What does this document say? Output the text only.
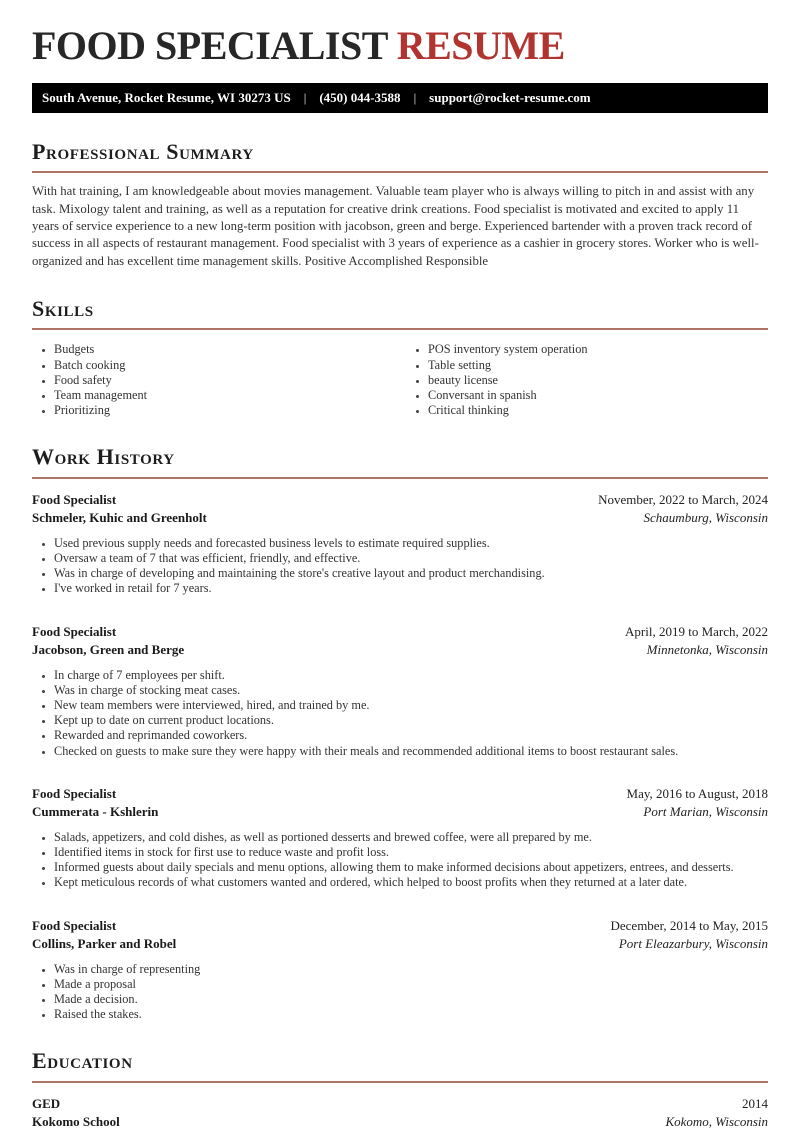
FOOD SPECIALIST RESUME
South Avenue, Rocket Resume, WI 30273 US | (450) 044-3588 | support@rocket-resume.com
Professional Summary

With hat training, I am knowledgeable about movies management. Valuable team player who is always willing to pitch in and assist with any task. Mixology talent and training, as well as a reputation for creative drink creations. Food specialist is motivated and excited to apply 11 years of service experience to a new long-term position with jacobson, green and berge. Experienced bartender with a proven track record of success in all aspects of restaurant management. Food specialist with 3 years of experience as a cashier in grocery stores. Worker who is well-organized and has excellent time management skills. Positive Accomplished Responsible

Skills
• Budgets
• Batch cooking
• Food safety
• Team management
• Prioritizing
• POS inventory system operation
• Table setting
• beauty license
• Conversant in spanish
• Critical thinking
Work History
Food Specialist	November, 2022 to March, 2024
Schmeler, Kuhic and Greenholt	Schaumburg, Wisconsin
• Used previous supply needs and forecasted business levels to estimate required supplies.
• Oversaw a team of 7 that was efficient, friendly, and effective.
• Was in charge of developing and maintaining the store's creative layout and product merchandising.
• I've worked in retail for 7 years.
Food Specialist	April, 2019 to March, 2022
Jacobson, Green and Berge	Minnetonka, Wisconsin
• In charge of 7 employees per shift.
• Was in charge of stocking meat cases.
• New team members were interviewed, hired, and trained by me.
• Kept up to date on current product locations.
• Rewarded and reprimanded coworkers.
• Checked on guests to make sure they were happy with their meals and recommended additional items to boost restaurant sales.
Food Specialist	May, 2016 to August, 2018
Cummerata - Kshlerin	Port Marian, Wisconsin
• Salads, appetizers, and cold dishes, as well as portioned desserts and brewed coffee, were all prepared by me.
• Identified items in stock for first use to reduce waste and profit loss.
• Informed guests about daily specials and menu options, allowing them to make informed decisions about appetizers, entrees, and desserts.
• Kept meticulous records of what customers wanted and ordered, which helped to boost profits when they returned at a later date.
Food Specialist	December, 2014 to May, 2015
Collins, Parker and Robel	Port Eleazarbury, Wisconsin
• Was in charge of representing
• Made a proposal
• Made a decision.
• Raised the stakes.
Education
GED	2014
Kokomo School	Kokomo, Wisconsin
